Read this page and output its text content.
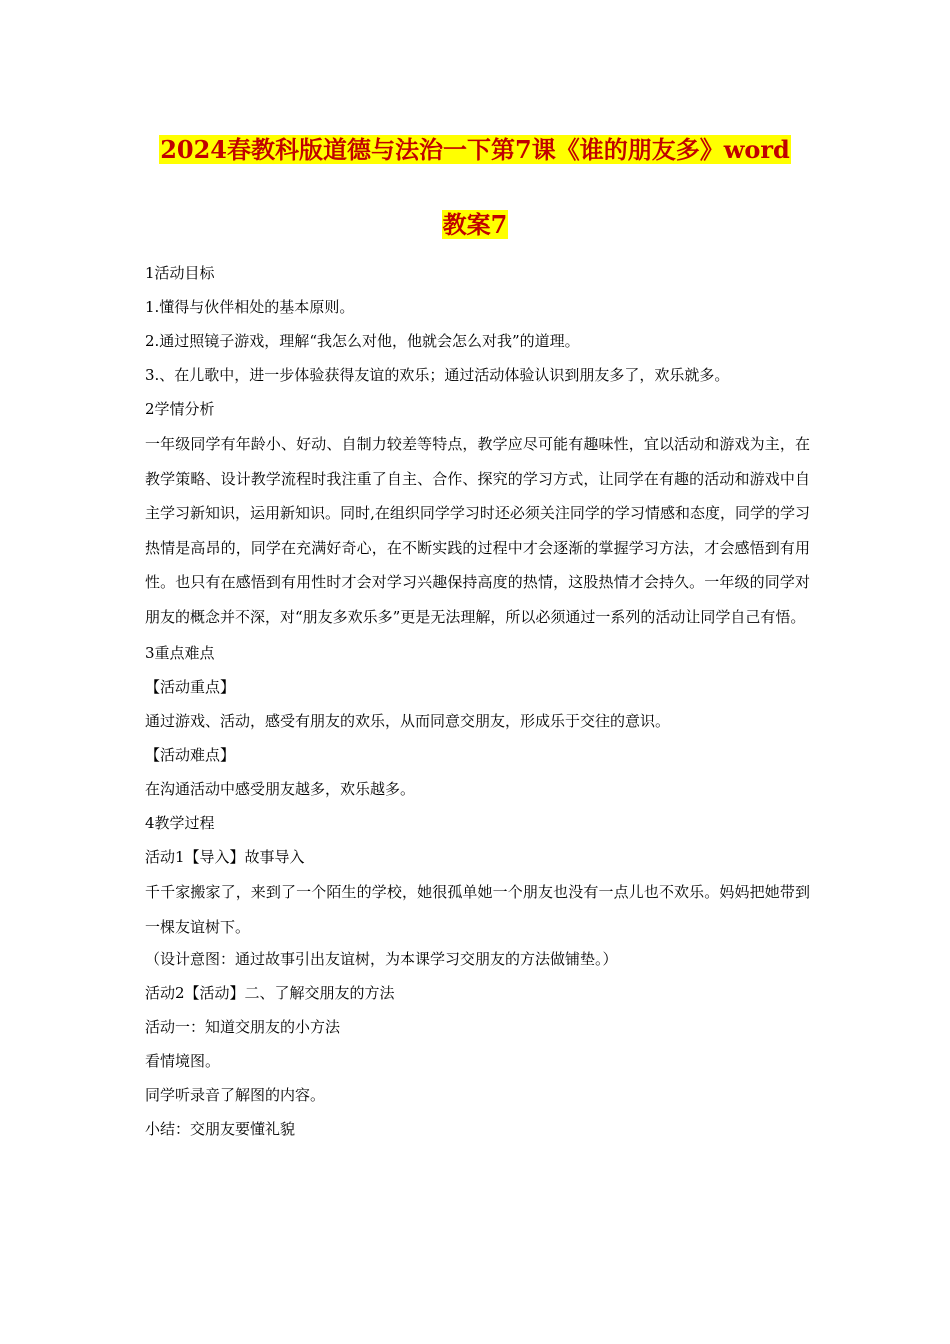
2024春教科版道德与法治一下第7课《谁的朋友多》word
教案7

1活动目标

1.懂得与伙伴相处的基本原则。

2.通过照镜子游戏，理解“我怎么对他，他就会怎么对我”的道理。

3.、在儿歌中，进一步体验获得友谊的欢乐；通过活动体验认识到朋友多了，欢乐就多。

2学情分析

一年级同学有年龄小、好动、自制力较差等特点，教学应尽可能有趣味性，宜以活动和游戏为主，在教学策略、设计教学流程时我注重了自主、合作、探究的学习方式，让同学在有趣的活动和游戏中自主学习新知识，运用新知识。同时,在组织同学学习时还必须关注同学的学习情感和态度，同学的学习热情是高昂的，同学在充满好奇心，在不断实践的过程中才会逐渐的掌握学习方法，才会感悟到有用性。也只有在感悟到有用性时才会对学习兴趣保持高度的热情，这股热情才会持久。一年级的同学对朋友的概念并不深，对“朋友多欢乐多”更是无法理解，所以必须通过一系列的活动让同学自己有悟。

3重点难点

【活动重点】

通过游戏、活动，感受有朋友的欢乐，从而同意交朋友，形成乐于交往的意识。

【活动难点】

在沟通活动中感受朋友越多，欢乐越多。

4教学过程

活动1【导入】故事导入

千千家搬家了，来到了一个陌生的学校，她很孤单她一个朋友也没有一点儿也不欢乐。妈妈把她带到一棵友谊树下。

（设计意图：通过故事引出友谊树，为本课学习交朋友的方法做铺垫。）

活动2【活动】二、了解交朋友的方法

活动一：知道交朋友的小方法

看情境图。

同学听录音了解图的内容。

小结：交朋友要懂礼貌
